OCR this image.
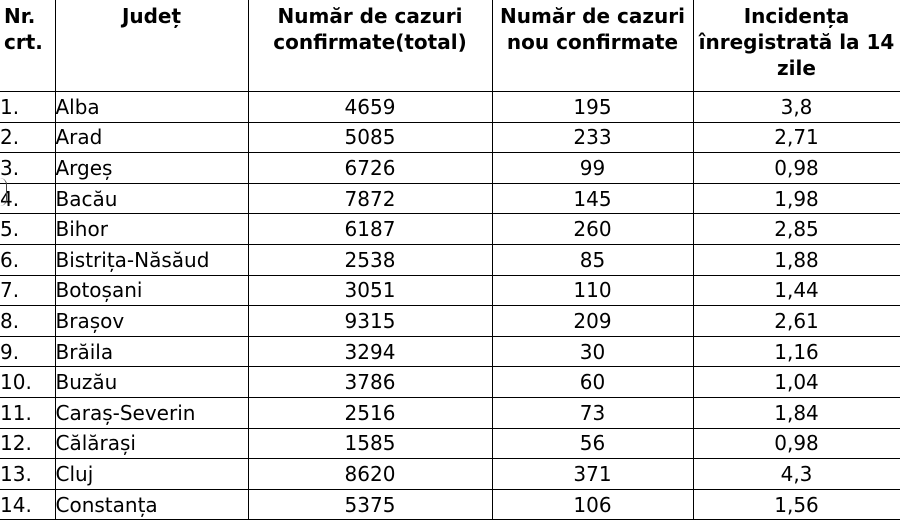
Nr. crt.	Județ	Număr de cazuri confirmate(total)	Număr de cazuri nou confirmate	Incidența înregistrată la 14 zile
1.	Alba	4659	195	3,8
2.	Arad	5085	233	2,71
3.	Argeș	6726	99	0,98
4.	Bacău	7872	145	1,98
5.	Bihor	6187	260	2,85
6.	Bistrița-Năsăud	2538	85	1,88
7.	Botoșani	3051	110	1,44
8.	Brașov	9315	209	2,61
9.	Brăila	3294	30	1,16
10.	Buzău	3786	60	1,04
11.	Caraș-Severin	2516	73	1,84
12.	Călărași	1585	56	0,98
13.	Cluj	8620	371	4,3
14.	Constanța	5375	106	1,56
